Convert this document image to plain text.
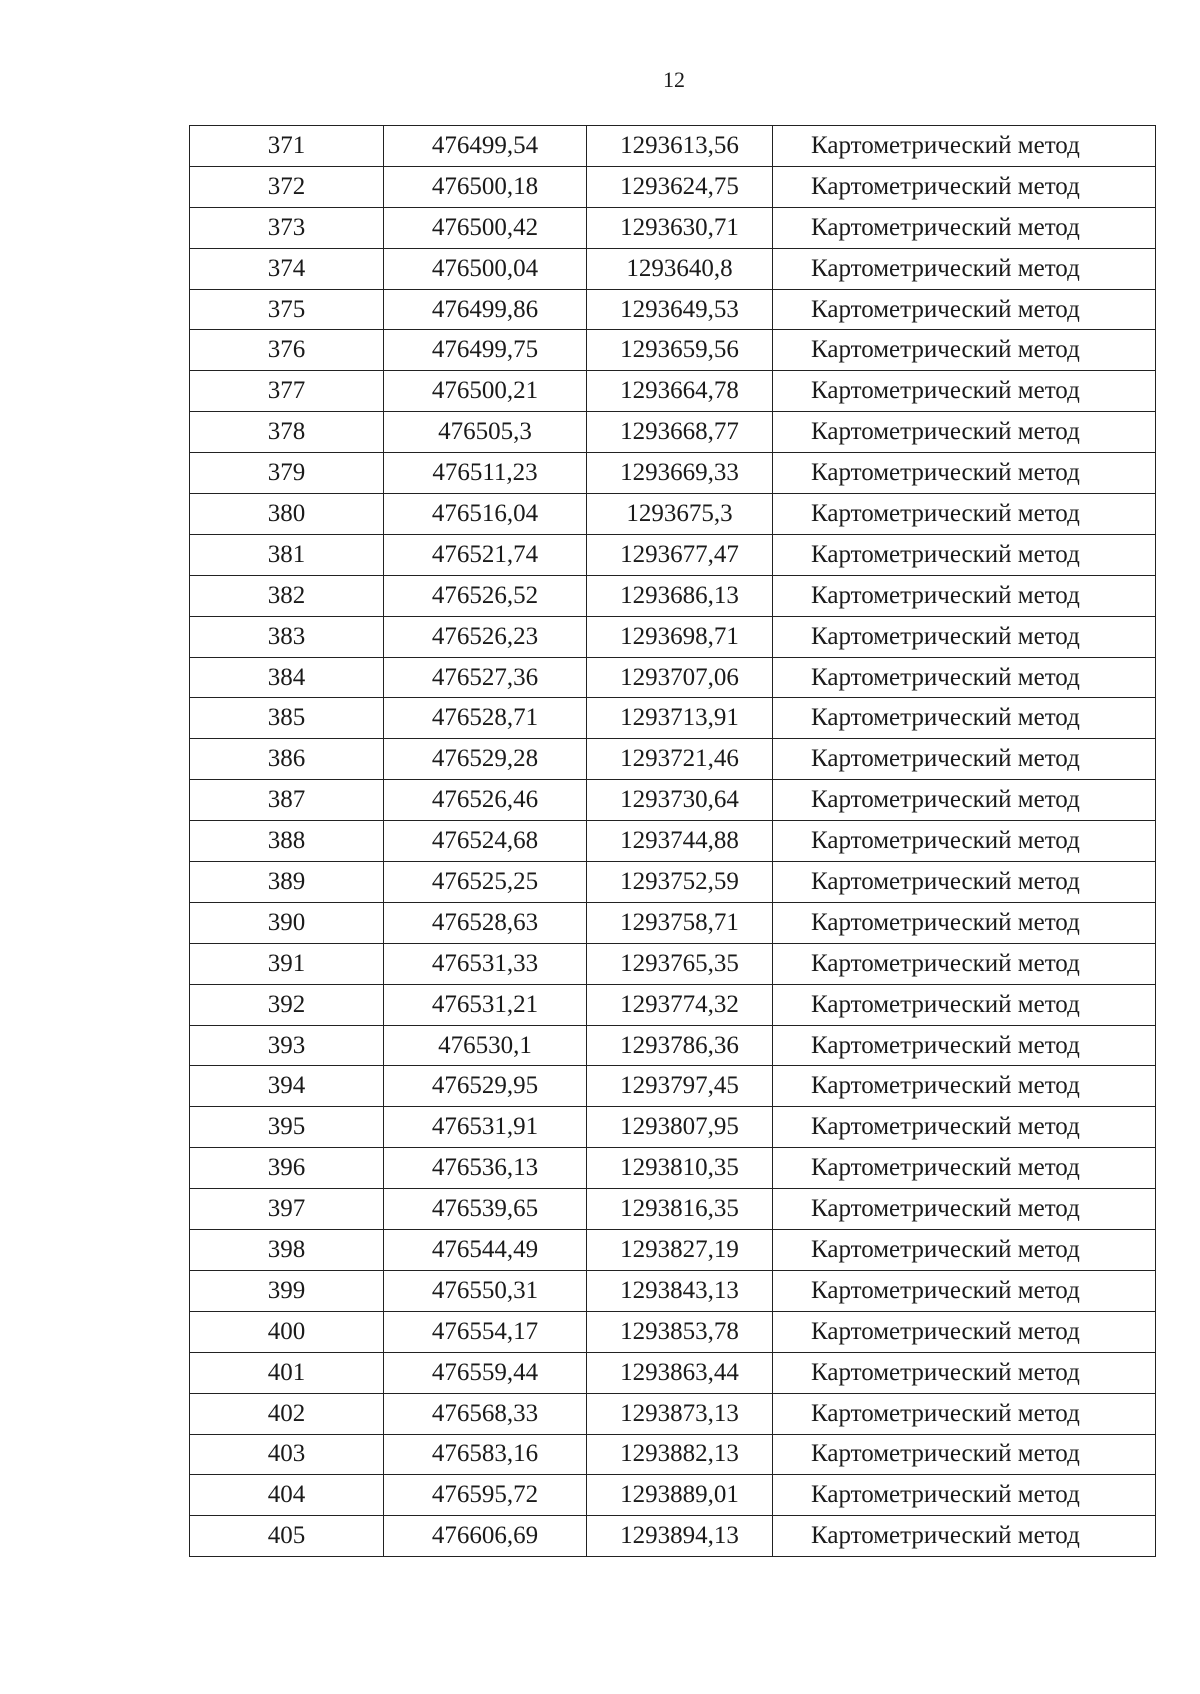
12
371	476499,54	1293613,56	Картометрический метод
372	476500,18	1293624,75	Картометрический метод
373	476500,42	1293630,71	Картометрический метод
374	476500,04	1293640,8	Картометрический метод
375	476499,86	1293649,53	Картометрический метод
376	476499,75	1293659,56	Картометрический метод
377	476500,21	1293664,78	Картометрический метод
378	476505,3	1293668,77	Картометрический метод
379	476511,23	1293669,33	Картометрический метод
380	476516,04	1293675,3	Картометрический метод
381	476521,74	1293677,47	Картометрический метод
382	476526,52	1293686,13	Картометрический метод
383	476526,23	1293698,71	Картометрический метод
384	476527,36	1293707,06	Картометрический метод
385	476528,71	1293713,91	Картометрический метод
386	476529,28	1293721,46	Картометрический метод
387	476526,46	1293730,64	Картометрический метод
388	476524,68	1293744,88	Картометрический метод
389	476525,25	1293752,59	Картометрический метод
390	476528,63	1293758,71	Картометрический метод
391	476531,33	1293765,35	Картометрический метод
392	476531,21	1293774,32	Картометрический метод
393	476530,1	1293786,36	Картометрический метод
394	476529,95	1293797,45	Картометрический метод
395	476531,91	1293807,95	Картометрический метод
396	476536,13	1293810,35	Картометрический метод
397	476539,65	1293816,35	Картометрический метод
398	476544,49	1293827,19	Картометрический метод
399	476550,31	1293843,13	Картометрический метод
400	476554,17	1293853,78	Картометрический метод
401	476559,44	1293863,44	Картометрический метод
402	476568,33	1293873,13	Картометрический метод
403	476583,16	1293882,13	Картометрический метод
404	476595,72	1293889,01	Картометрический метод
405	476606,69	1293894,13	Картометрический метод
